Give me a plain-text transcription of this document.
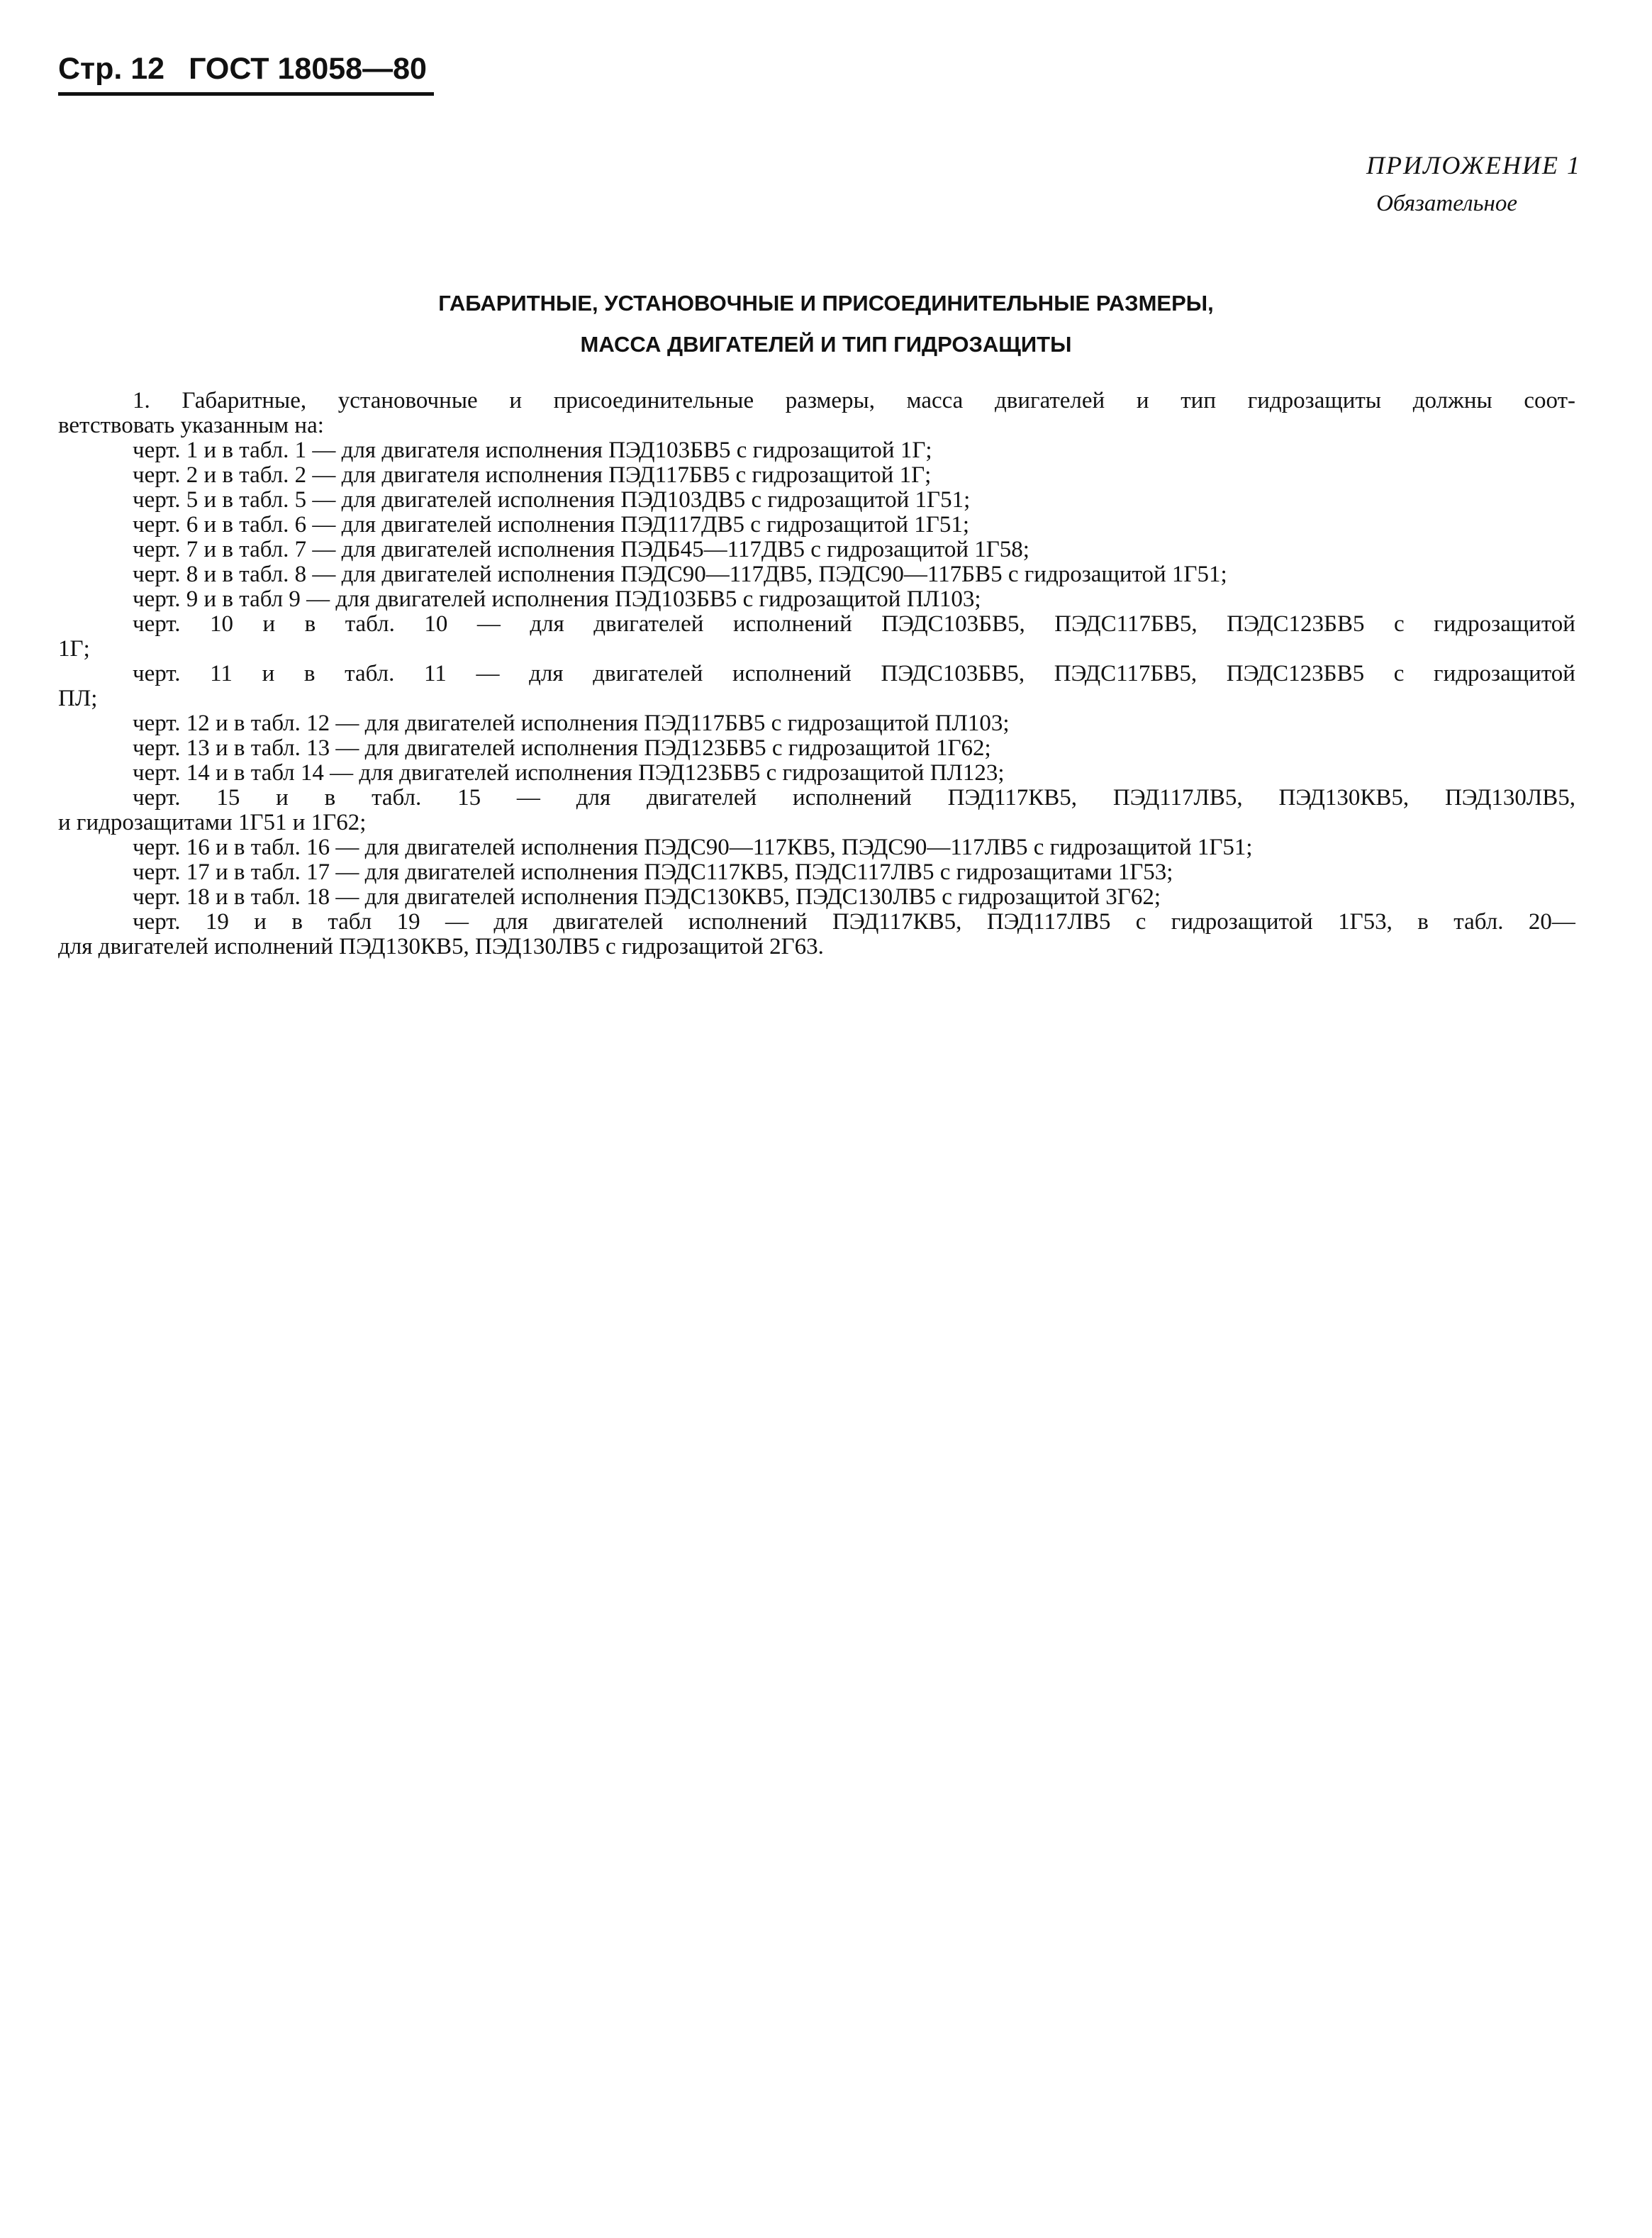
Стр. 12 ГОСТ 18058—80
ПРИЛОЖЕНИЕ 1
Обязательное
ГАБАРИТНЫЕ, УСТАНОВОЧНЫЕ И ПРИСОЕДИНИТЕЛЬНЫЕ РАЗМЕРЫ,
МАССА ДВИГАТЕЛЕЙ И ТИП ГИДРОЗАЩИТЫ
1. Габаритные, установочные и присоединительные размеры, масса двигателей и тип гидрозащиты должны соот-
ветствовать указанным на:
черт. 1 и в табл. 1 — для двигателя исполнения ПЭД103БВ5 с гидрозащитой 1Г;
черт. 2 и в табл. 2 — для двигателя исполнения ПЭД117БВ5 с гидрозащитой 1Г;
черт. 5 и в табл. 5 — для двигателей исполнения ПЭД103ДВ5 с гидрозащитой 1Г51;
черт. 6 и в табл. 6 — для двигателей исполнения ПЭД117ДВ5 с гидрозащитой 1Г51;
черт. 7 и в табл. 7 — для двигателей исполнения ПЭДБ45—117ДВ5 с гидрозащитой 1Г58;
черт. 8 и в табл. 8 — для двигателей исполнения ПЭДС90—117ДВ5, ПЭДС90—117БВ5 с гидрозащитой 1Г51;
черт. 9 и в табл 9 — для двигателей исполнения ПЭД103БВ5 с гидрозащитой ПЛ103;
черт. 10 и в табл. 10 — для двигателей исполнений ПЭДС103БВ5, ПЭДС117БВ5, ПЭДС123БВ5 с гидрозащитой
1Г;
черт. 11 и в табл. 11 — для двигателей исполнений ПЭДС103БВ5, ПЭДС117БВ5, ПЭДС123БВ5 с гидрозащитой
ПЛ;
черт. 12 и в табл. 12 — для двигателей исполнения ПЭД117БВ5 с гидрозащитой ПЛ103;
черт. 13 и в табл. 13 — для двигателей исполнения ПЭД123БВ5 с гидрозащитой 1Г62;
черт. 14 и в табл 14 — для двигателей исполнения ПЭД123БВ5 с гидрозащитой ПЛ123;
черт. 15 и в табл. 15 — для двигателей исполнений ПЭД117КВ5, ПЭД117ЛВ5, ПЭД130КВ5, ПЭД130ЛВ5,
и гидрозащитами 1Г51 и 1Г62;
черт. 16 и в табл. 16 — для двигателей исполнения ПЭДС90—117КВ5, ПЭДС90—117ЛВ5 с гидрозащитой 1Г51;
черт. 17 и в табл. 17 — для двигателей исполнения ПЭДС117КВ5, ПЭДС117ЛВ5 с гидрозащитами 1Г53;
черт. 18 и в табл. 18 — для двигателей исполнения ПЭДС130КВ5, ПЭДС130ЛВ5 с гидрозащитой 3Г62;
черт. 19 и в табл 19 — для двигателей исполнений ПЭД117КВ5, ПЭД117ЛВ5 с гидрозащитой 1Г53, в табл. 20—
для двигателей исполнений ПЭД130КВ5, ПЭД130ЛВ5 с гидрозащитой 2Г63.
